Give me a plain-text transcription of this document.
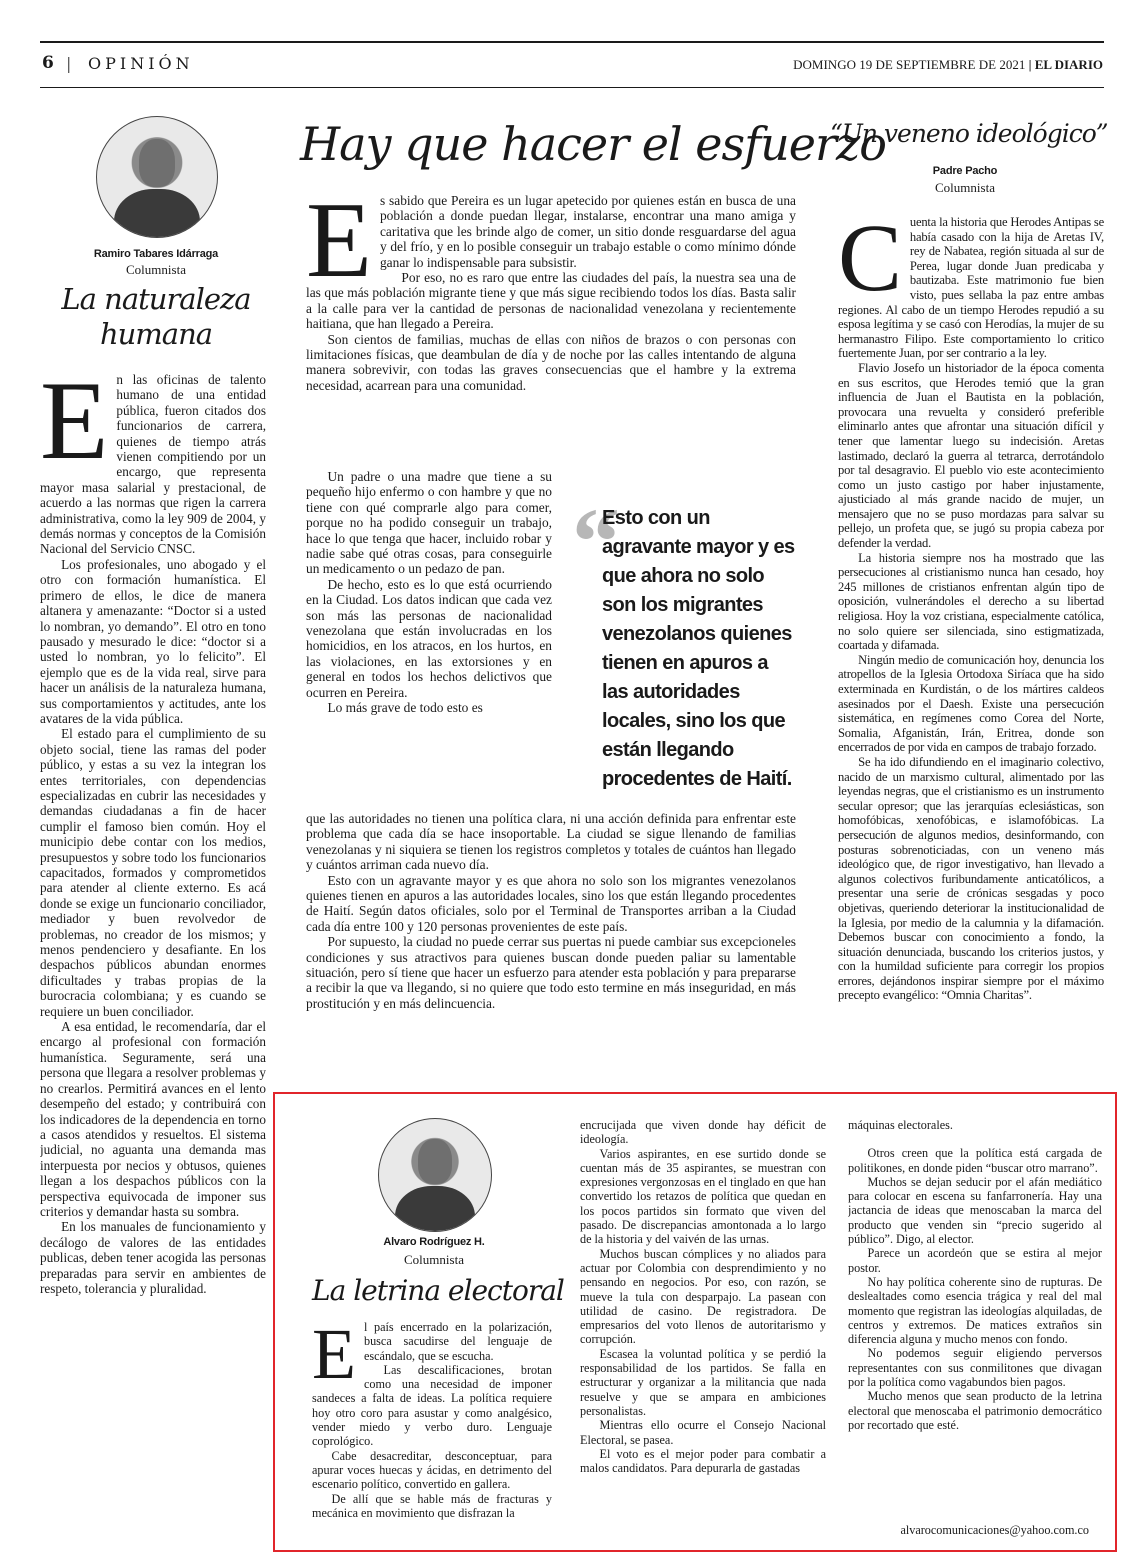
6 | OPINIÓN	DOMINGO 19 DE SEPTIEMBRE DE 2021 | EL DIARIO
Ramiro Tabares Idárraga
Columnista
La naturaleza humana
E n las oficinas de talento humano de una entidad pública, fueron citados dos funcionarios de carrera, quienes de tiempo atrás vienen compitiendo por un encargo, que representa mayor masa salarial y prestacional, de acuerdo a las normas que rigen la carrera administrativa, como la ley 909 de 2004, y demás normas y conceptos de la Comisión Nacional del Servicio CNSC.

Los profesionales, uno abogado y el otro con formación humanística. El primero de ellos, le dice de manera altanera y amenazante: “Doctor si a usted lo nombran, yo demando”. El otro en tono pausado y mesurado le dice: “doctor si a usted lo nombran, yo lo felicito”. El ejemplo que es de la vida real, sirve para hacer un análisis de la naturaleza humana, sus comportamientos y actitudes, ante los avatares de la vida pública.

El estado para el cumplimiento de su objeto social, tiene las ramas del poder público, y estas a su vez la integran los entes territoriales, con dependencias especializadas en cubrir las necesidades y demandas ciudadanas a fin de hacer cumplir el famoso bien común. Hoy el municipio debe contar con los medios, presupuestos y sobre todo los funcionarios capacitados, formados y comprometidos para atender al cliente externo. Es acá donde se exige un funcionario conciliador, mediador y buen revolvedor de problemas, no creador de los mismos; y menos pendenciero y desafiante. En los despachos públicos abundan enormes dificultades y trabas propias de la burocracia colombiana; y es cuando se requiere un buen conciliador.

A esa entidad, le recomendaría, dar el encargo al profesional con formación humanística. Seguramente, será una persona que llegara a resolver problemas y no crearlos. Permitirá avances en el lento desempeño del estado; y contribuirá con los indicadores de la dependencia en torno a casos atendidos y resueltos. El sistema judicial, no aguanta una demanda mas interpuesta por necios y obtusos, quienes llegan a los despachos públicos con la perspectiva equivocada de imponer sus criterios y demandar hasta su sombra.

En los manuales de funcionamiento y decálogo de valores de las entidades publicas, deben tener acogida las personas preparadas para servir en ambientes de respeto, tolerancia y pluralidad.

Hay que hacer el esfuerzo
E s sabido que Pereira es un lugar apetecido por quienes están en busca de una población a donde puedan llegar, instalarse, encontrar una mano amiga y caritativa que les brinde algo de comer, un sitio donde resguardarse del agua y del frío, y en lo posible conseguir un trabajo estable o como mínimo dónde ganar lo indispensable para subsistir.

Por eso, no es raro que entre las ciudades del país, la nuestra sea una de las que más población migrante tiene y que más sigue recibiendo todos los días. Basta salir a la calle para ver la cantidad de personas de nacionalidad venezolana y recientemente haitiana, que han llegado a Pereira.

Son cientos de familias, muchas de ellas con niños de brazos o con personas con limitaciones físicas, que deambulan de día y de noche por las calles intentando de alguna manera sobrevivir, con todas las graves consecuencias que el hambre y la extrema necesidad, acarrean para una comunidad.

Un padre o una madre que tiene a su pequeño hijo enfermo o con hambre y que no tiene con qué comprarle algo para comer, porque no ha podido conseguir un trabajo, hace lo que tenga que hacer, incluido robar y nadie sabe qué otras cosas, para conseguirle un medicamento o un pedazo de pan.

De hecho, esto es lo que está ocurriendo en la Ciudad. Los datos indican que cada vez son más las personas de nacionalidad venezolana que están involucradas en los homicidios, en los atracos, en los hurtos, en las violaciones, en las extorsiones y en general en todos los hechos delictivos que ocurren en Pereira.

Lo más grave de todo esto es

“
Esto con un agravante mayor y es que ahora no solo son los migrantes venezolanos quienes tienen en apuros a las autoridades locales, sino los que están llegando procedentes de Haití.

que las autoridades no tienen una política clara, ni una acción definida para enfrentar este problema que cada día se hace insoportable. La ciudad se sigue llenando de familias venezolanas y ni siquiera se tienen los registros completos y totales de cuántos han llegado y cuántos arriman cada nuevo día.

Esto con un agravante mayor y es que ahora no solo son los migrantes venezolanos quienes tienen en apuros a las autoridades locales, sino los que están llegando procedentes de Haití. Según datos oficiales, solo por el Terminal de Transportes arriban a la Ciudad cada día entre 100 y 120 personas provenientes de este país.

Por supuesto, la ciudad no puede cerrar sus puertas ni puede cambiar sus excepcioneles condiciones y sus atractivos para quienes buscan donde pueden paliar su lamentable situación, pero sí tiene que hacer un esfuerzo para atender esta población y para prepararse a recibir la que va llegando, si no quiere que todo esto termine en más inseguridad, en más prostitución y en más delincuencia.

“Un veneno ideológico”
Padre Pacho
Columnista
C uenta la historia que Herodes Antipas se había casado con la hija de Aretas IV, rey de Nabatea, región situada al sur de Perea, lugar donde Juan predicaba y bautizaba. Este matrimonio fue bien visto, pues sellaba la paz entre ambas regiones. Al cabo de un tiempo Herodes repudió a su esposa legítima y se casó con Herodías, la mujer de su hermanastro Filipo. Este comportamiento lo critico fuertemente Juan, por ser contrario a la ley.

Flavio Josefo un historiador de la época comenta en sus escritos, que Herodes temió que la gran influencia de Juan el Bautista en la población, provocara una revuelta y consideró preferible eliminarlo antes que afrontar una situación difícil y tener que lamentar luego su indecisión. Aretas lastimado, declaró la guerra al tetrarca, derrotándolo por tal desagravio. El pueblo vio este acontecimiento como un justo castigo por haber injustamente, ajusticiado al más grande nacido de mujer, un mensajero que no se puso mordazas para salvar su pellejo, un profeta que, se jugó su propia cabeza por defender la verdad.

La historia siempre nos ha mostrado que las persecuciones al cristianismo nunca han cesado, hoy 245 millones de cristianos enfrentan algún tipo de oposición, vulnerándoles el derecho a su libertad religiosa. Hoy la voz cristiana, especialmente católica, no solo quiere ser silenciada, sino estigmatizada, coartada y difamada.

Ningún medio de comunicación hoy, denuncia los atropellos de la Iglesia Ortodoxa Siríaca que ha sido exterminada en Kurdistán, o de los mártires caldeos asesinados por el Daesh. Existe una persecución sistemática, en regímenes como Corea del Norte, Somalia, Afganistán, Irán, Eritrea, donde son encerrados de por vida en campos de trabajo forzado.

Se ha ido difundiendo en el imaginario colectivo, nacido de un marxismo cultural, alimentado por las leyendas negras, que el cristianismo es un instrumento secular opresor; que las jerarquías eclesiásticas, son homofóbicas, xenofóbicas, e islamofóbicas. La persecución de algunos medios, desinformando, con posturas sobrenoticiadas, con un veneno más ideológico que, de rigor investigativo, han llevado a algunos colectivos furibundamente anticatólicos, a presentar una serie de crónicas sesgadas y poco objetivas, queriendo deteriorar la institucionalidad de la Iglesia, por medio de la calumnia y la difamación. Debemos buscar con conocimiento a fondo, la situación denunciada, buscando los criterios justos, y con la humildad suficiente para corregir los propios errores, dejándonos inspirar siempre por el máximo precepto evangélico: “Omnia Charitas”.

Alvaro Rodríguez H.
Columnista
La letrina electoral
E l país encerrado en la polarización, busca sacudirse del lenguaje de escándalo, que se escucha.

Las descalificaciones, brotan como una necesidad de imponer sandeces a falta de ideas. La política requiere hoy otro coro para asustar y como analgésico, vender miedo y verbo duro. Lenguaje coprológico.

Cabe desacreditar, desconceptuar, para apurar voces huecas y ácidas, en detrimento del escenario político, convertido en gallera.

De allí que se hable más de fracturas y mecánica en movimiento que disfrazan la

encrucijada que viven donde hay déficit de ideología.

Varios aspirantes, en ese surtido donde se cuentan más de 35 aspirantes, se muestran con expresiones vergonzosas en el tinglado en que han convertido los retazos de política que quedan en los pocos partidos sin formato que viven del pasado. De discrepancias amontonada a lo largo de la historia y del vaivén de las urnas.

Muchos buscan cómplices y no aliados para actuar por Colombia con desprendimiento y no pensando en negocios. Por eso, con razón, se mueve la tula con desparpajo. La pasean con utilidad de casino. De registradora. De empresarios del voto llenos de autoritarismo y corrupción.

Escasea la voluntad política y se perdió la responsabilidad de los partidos. Se falla en estructurar y organizar a la militancia que nada resuelve y que se ampara en ambiciones personalistas.

Mientras ello ocurre el Consejo Nacional Electoral, se pasea.

El voto es el mejor poder para combatir a malos candidatos. Para depurarla de gastadas

máquinas electorales.

Otros creen que la política está cargada de politikones, en donde piden “buscar otro marrano”.

Muchos se dejan seducir por el afán mediático para colocar en escena su fanfarronería. Hay una jactancia de ideas que menoscaban la marca del producto que venden sin “precio sugerido al público”. Digo, al elector.

Parece un acordeón que se estira al mejor postor.

No hay política coherente sino de rupturas. De deslealtades como esencia trágica y real del mal momento que registran las ideologías alquiladas, de centros y extremos. De matices extraños sin diferencia alguna y mucho menos con fondo.

No podemos seguir eligiendo perversos representantes con sus conmilitones que divagan por la política como vagabundos bien pagos.

Mucho menos que sean producto de la letrina electoral que menoscaba el patrimonio democrático por recortado que esté.

alvarocomunicaciones@yahoo.com.co
